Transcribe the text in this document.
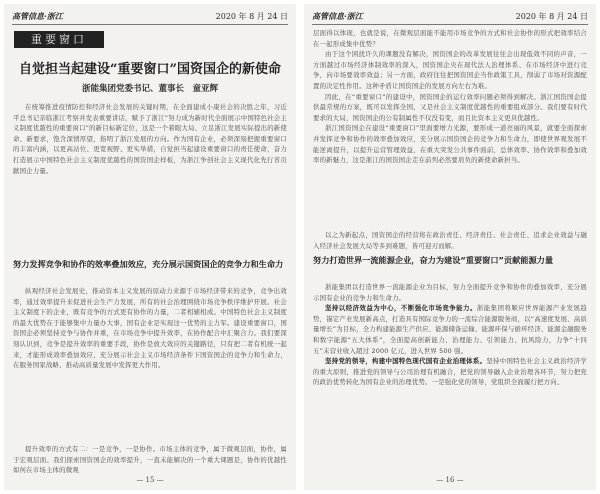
高管信息·浙江	2020 年 8 月 24 日
重要窗口
自觉担当起建设“重要窗口”国资国企的新使命
浙能集团党委书记、董事长　童亚辉

在统筹推进疫情防控和经济社会发展的关键时期，在全面建成小康社会的决胜之年，习近平总书记亲临浙江考察并发表重要讲话，赋予了浙江“努力成为新时代全面展示中国特色社会主义制度优越性的重要窗口”的新目标新定位，这是一个着眼大局、立足浙江发展实际提出的新使命、新要求，饱含深情厚望，指明了浙江发展的方向。作为国有企业，必须深刻把握重要窗口的丰富内涵，以更高站位、更宽视野、更实举措，自觉担当起建设重要窗口的责任使命，奋力打造展示中国特色社会主义制度优越性的国资国企样板，为浙江争创社会主义现代化先行省贡献国企力量。

努力发挥竞争和协作的效率叠加效应，充分展示国资国企的竞争力和生命力

纵观经济社会发展史，推动资本主义发展的原动力来源于市场经济带来的竞争，竞争出效率，通过效率提升来促进社会生产力发展，所有的社会治理围绕市场竞争秩序维护开展。社会主义制度下的企业，既有竞争的方式更有协作的力量，二者相辅相成。中国特色社会主义制度的最大优势在于能够集中力量办大事，国有企业是实现这一优势的主力军。建设重要窗口，国资国企必须坚持竞争与协作并重，在市场竞争中提升效率，在协作配合中汇聚合力。我们要深刻认识到，竞争是提升效率的重要手段，协作是放大效应的关键路径，只有把二者有机统一起来，才能形成效率叠加效应，充分展示社会主义市场经济条件下国资国企的竞争力和生命力，在服务国家战略、推动高质量发展中发挥更大作用。

提升效率的方式有二：一是竞争，一是协作。市场主体的竞争，属于微观层面，协作，属于宏观层面。我们探索国资国企的效率提升，一直未能解决的一个重大课题是，协作的优越性如何在市场主体的微观

— 15 —
高管信息·浙江	2020 年 8 月 24 日

层面得以体现，也就是说，在微观层面能不能用市场竞争的方式和社会协作的形式把效率结合在一起形成集中优势？

由于这个困扰许久的课题没有解决，国资国企的改革发展往往会出现低效不同的声音，一方面越过市场经济体制效率的深入，国资国企央在现代法人治理体系、在市场经济中进行竞争，向市场要效率效益；另一方面，政府往往把国资国企当作政策工具，削弱了市场对资源配置的决定性作用。这种矛盾让国资国企的发展方向左右为难。

因此，在“重要窗口”的建设中，国资国企的运行效率问题必须得到解决。浙江国资国企提供最常规的方案，既可以发挥全国，又是社会主义制度优越性的重要组成部分。我们要有时代要求的大局，国资国企的公有制属性不仅没有变，而且比资本主义更具优越性。

浙江国资国企在建设“重要窗口”里面要增力光源，要形成一道亮丽的风景，就要全面探索并发挥竞争和协作的效率叠加效应，充分展示国资国企的竞争力和生命力，即使世界观发展不能逆离提升，以提升运营管理效益，在重大突发公共事件面前，总体效率、协作效率和叠加效率的新魅力，这是浙江的国资国企走在前列必然要肩负的新使命新担当。

以之为新起点，国资国企的经营将在政治责任、经济责任、社会责任、追求企业效益与融入经济社会发展大局等多到难题，皆可迎刃而解。

努力打造世界一流能源企业，奋力为建设“重要窗口”贡献能源力量

浙能集团以打造世界一流能源企业为目标，努力全面提升竞争和协作的叠加效率，充分展示国有企业的竞争力和生命力。

坚持以经济效益为中心，不断强化市场竞争能力。浙能集团将顺应世界能源产业发展趋势，锚定产业发展新高点，打造具有国际竞争力的一流综合能源服务商，以“高速度发展、高质量增长”为目标，全力构建能源生产供应、能源储备运输、能源环保与循环经济、能源金融服务和数字能源“五大体系”，全面提高创新能力、治理能力、引领能力、抗风险力，力争“十四五”末营业收入超过 2000 亿元，进入世界 500 强。

坚持党的领导，构建中国特色现代国有企业治理体系。坚持中国特色社会主义政治经济学的重大原则，推进党的领导与公司治理有机融合，把党的领导融入企业治理各环节，努力把党的政治优势转化为国有企业的治理优势。一是强化党的领导，党组织全面履行把方向、

— 16 —
